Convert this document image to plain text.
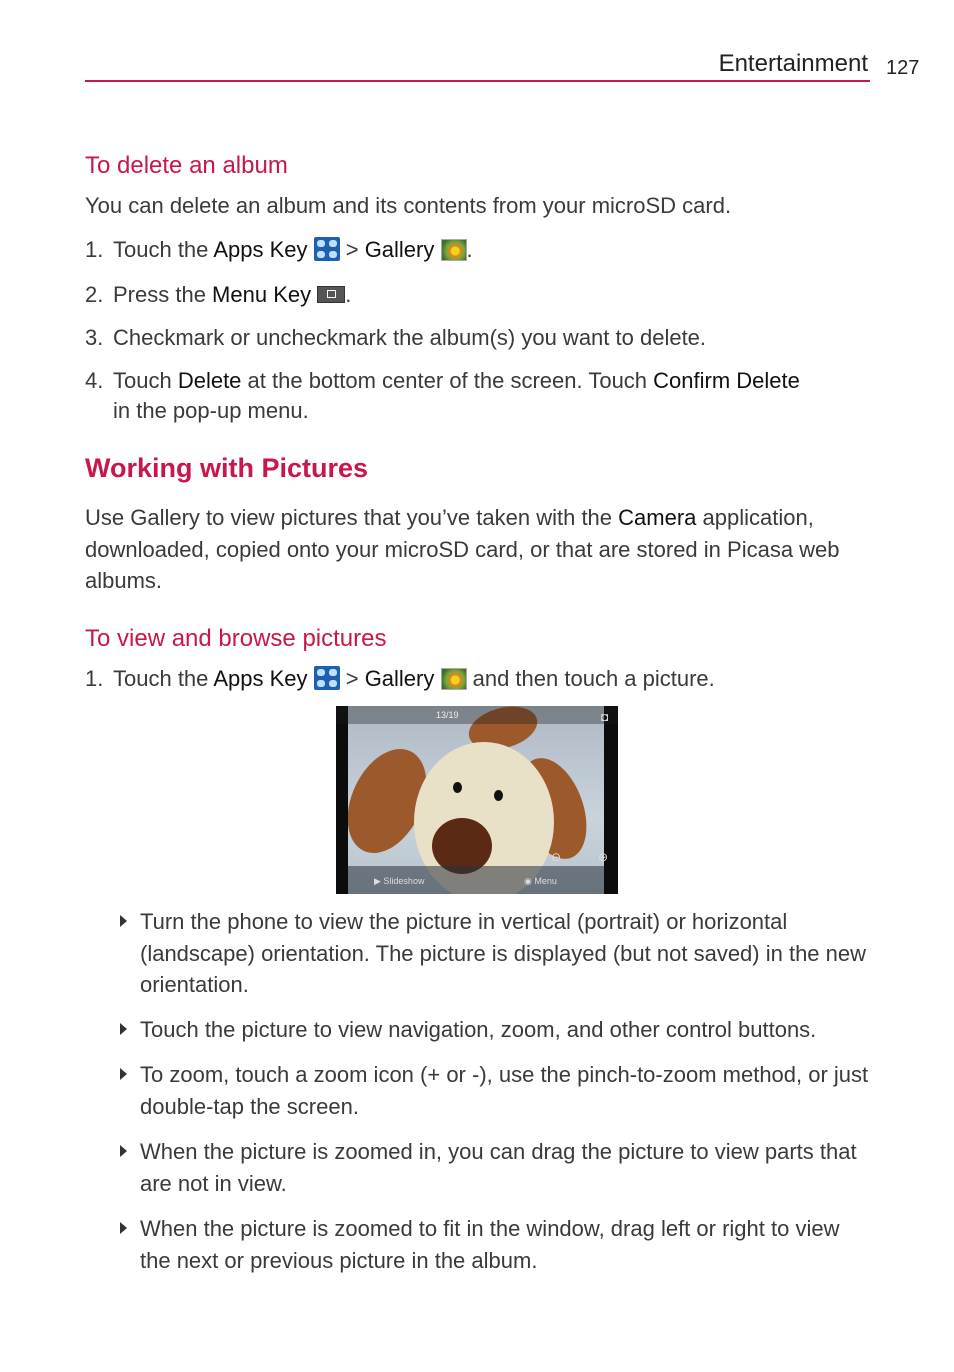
Entertainment 127
To delete an album
You can delete an album and its contents from your microSD card.
1. Touch the Apps Key
> Gallery .
2. Press the Menu Key .
3. Checkmark or uncheckmark the album(s) you want to delete.
4. Touch Delete at the bottom center of the screen. Touch Confirm Delete
in the pop-up menu.
Working with Pictures
Use Gallery to view pictures that you’ve taken with the Camera application, downloaded, copied onto your microSD card, or that are stored in Picasa web albums.
To view and browse pictures
1. Touch the Apps Key
> Gallery  and then touch a picture.
13/19	◘
⊖	⊕
▶ Slideshow	◉ Menu
Turn the phone to view the picture in vertical (portrait) or horizontal (landscape) orientation. The picture is displayed (but not saved) in the new orientation.
Touch the picture to view navigation, zoom, and other control buttons.
To zoom, touch a zoom icon (+ or -), use the pinch-to-zoom method, or just double-tap the screen.
When the picture is zoomed in, you can drag the picture to view parts that are not in view.
When the picture is zoomed to fit in the window, drag left or right to view the next or previous picture in the album.
